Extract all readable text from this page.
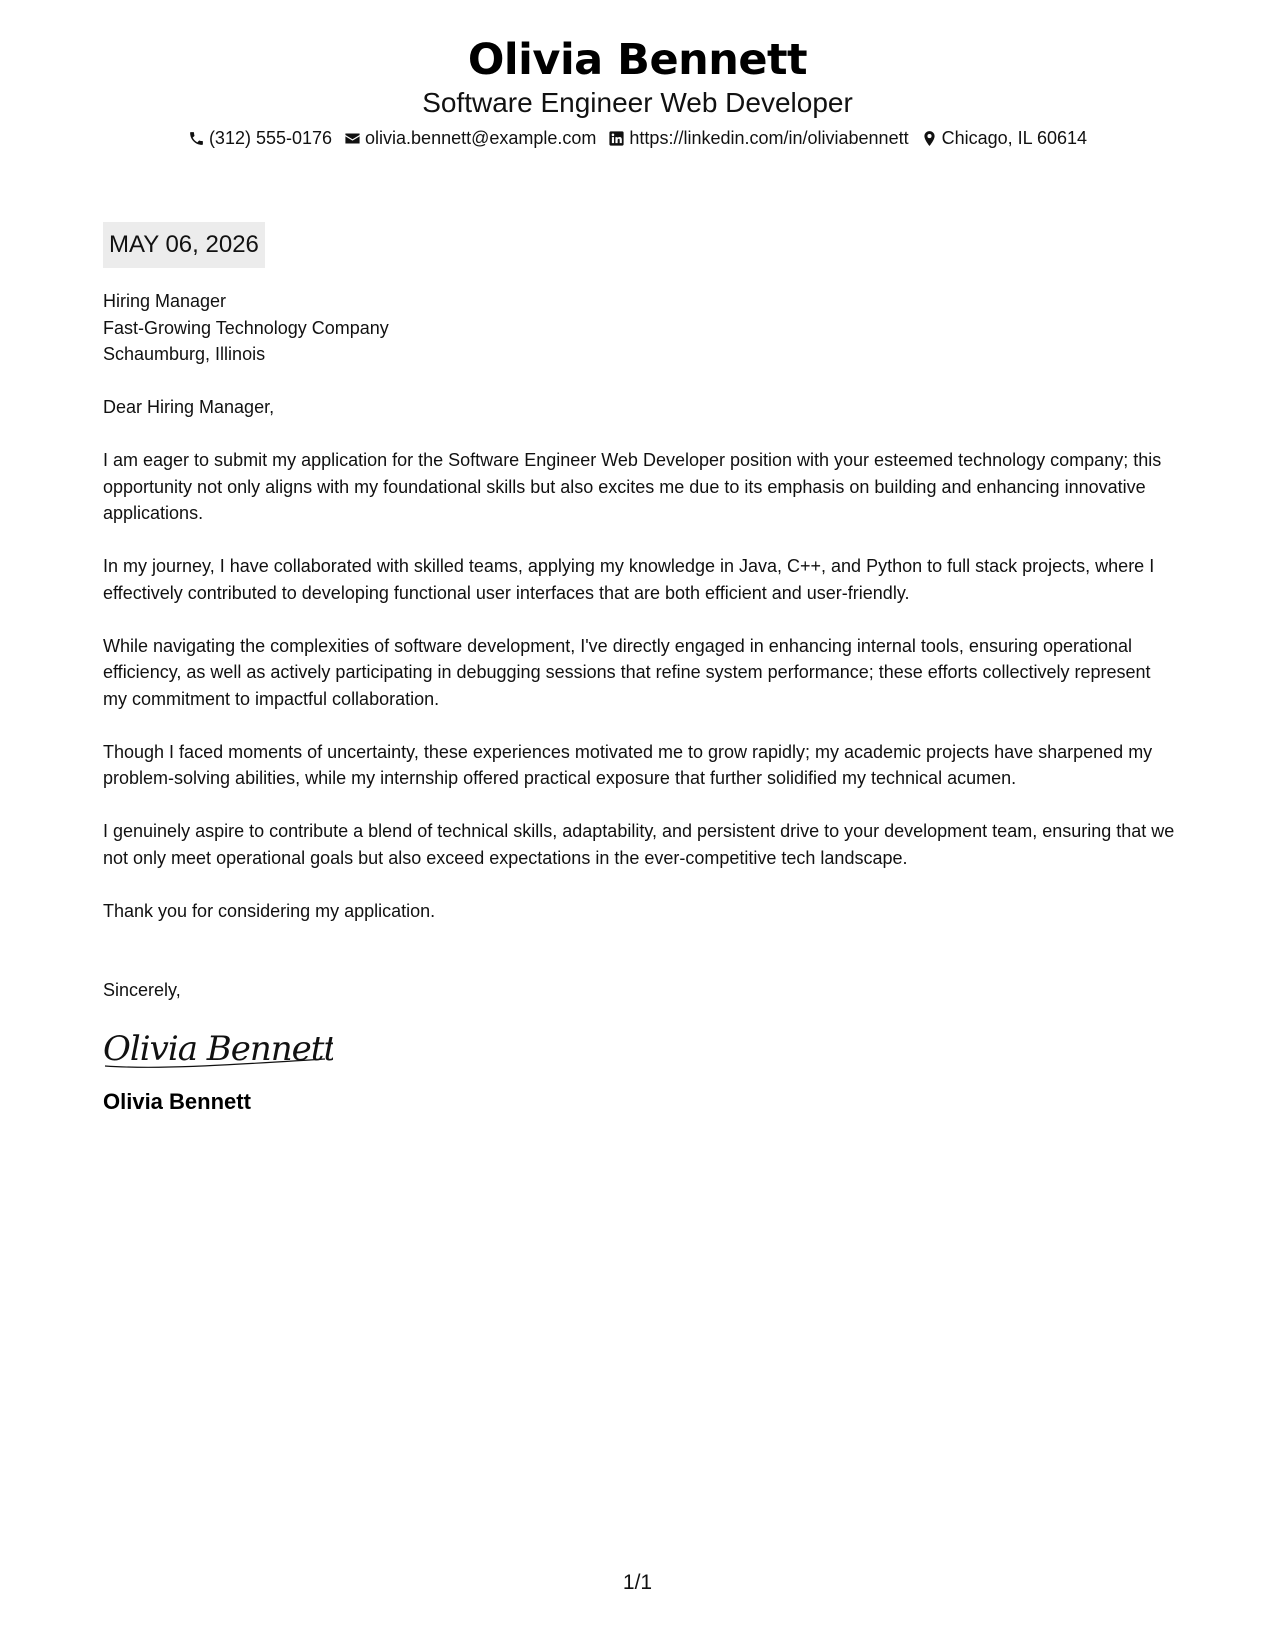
Olivia Bennett
Software Engineer Web Developer
(312) 555-0176 olivia.bennett@example.com https://linkedin.com/in/oliviabennett Chicago, IL 60614
MAY 06, 2026

Hiring Manager
Fast-Growing Technology Company
Schaumburg, Illinois

Dear Hiring Manager,

I am eager to submit my application for the Software Engineer Web Developer position with your esteemed technology company; this opportunity not only aligns with my foundational skills but also excites me due to its emphasis on building and enhancing innovative applications.

In my journey, I have collaborated with skilled teams, applying my knowledge in Java, C++, and Python to full stack projects, where I effectively contributed to developing functional user interfaces that are both efficient and user-friendly.

While navigating the complexities of software development, I've directly engaged in enhancing internal tools, ensuring operational efficiency, as well as actively participating in debugging sessions that refine system performance; these efforts collectively represent my commitment to impactful collaboration.

Though I faced moments of uncertainty, these experiences motivated me to grow rapidly; my academic projects have sharpened my problem-solving abilities, while my internship offered practical exposure that further solidified my technical acumen.

I genuinely aspire to contribute a blend of technical skills, adaptability, and persistent drive to your development team, ensuring that we not only meet operational goals but also exceed expectations in the ever-competitive tech landscape.

Thank you for considering my application.

Sincerely,
Olivia Bennett
Olivia Bennett
1/1
